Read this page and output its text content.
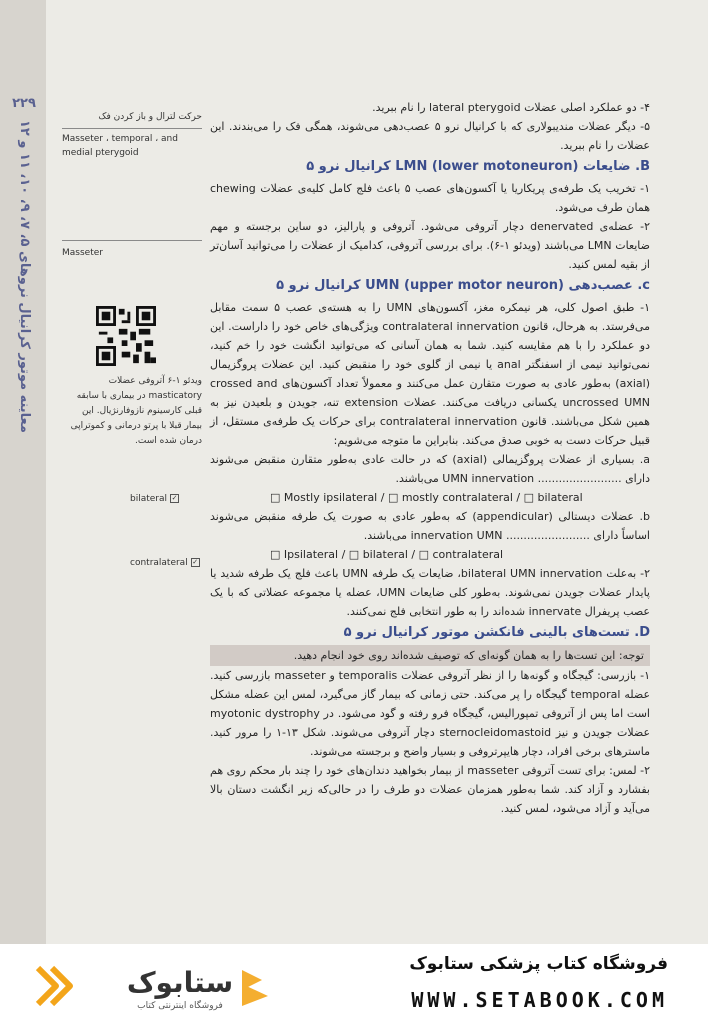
۲۲۹
معاینه موتور کرانیال نروهای ۵، ۷، ۹، ۱۰، ۱۱ و ۱۲
حرکت لترال و باز کردن فک
Masseter ، temporal ، and medial pterygoid
Masseter
ویدئو ۱-۶ آتروفی عضلات masticatory در بیماری با سابقه قبلی کارسینوم نازوفارنژیال. این بیمار قبلا با پرتو درمانی و کموتراپی درمان شده است.
bilateral ✓
contralateral ✓

۴- دو عملکرد اصلی عضلات lateral pterygoid را نام ببرید.

۵- دیگر عضلات مندیبولاری که با کرانیال نرو ۵ عصب‌دهی می‌شوند، همگی فک را می‌بندند. این عضلات را نام ببرید.

B. ضایعات LMN (lower motoneuron) کرانیال نرو ۵

۱- تخریب یک طرفه‌ی پریکاریا یا آکسون‌های عصب ۵ باعث فلج کامل کلیه‌ی عضلات chewing همان طرف می‌شود.

۲- عضله‌ی denervated دچار آتروفی می‌شود. آتروفی و پارالیز، دو ساین برجسته و مهم ضایعات LMN می‌باشند (ویدئو ۱-۶). برای بررسی آتروفی، کدامیک از عضلات را می‌توانید آسان‌تر از بقیه لمس کنید.

c. عصب‌دهی UMN (upper motor neuron) کرانیال نرو ۵

۱- طبق اصول کلی، هر نیمکره مغز، آکسون‌های UMN را به هسته‌ی عصب ۵ سمت مقابل می‌فرستد. به هرحال، قانون contralateral innervation ویژگی‌های خاص خود را داراست. این دو عملکرد را با هم مقایسه کنید. شما به همان آسانی که می‌توانید انگشت خود را خم کنید، نمی‌توانید نیمی از اسفنگتر anal یا نیمی از گلوی خود را منقبض کنید. این عضلات پروگزیمال (axial) به‌طور عادی به صورت متقارن عمل می‌کنند و معمولاً تعداد آکسون‌های crossed and uncrossed UMN یکسانی دریافت می‌کنند. عضلات extension تنه، جویدن و بلعیدن نیز به همین شکل می‌باشند. قانون contralateral innervation برای حرکات یک طرفه‌ی مستقل، از قبیل حرکات دست به خوبی صدق می‌کند. بنابراین ما متوجه می‌شویم:

a. بسیاری از عضلات پروگزیمالی (axial) که در حالت عادی به‌طور متقارن منقبض می‌شوند دارای ........................ UMN innervation می‌باشند.

□ Mostly ipsilateral / □ mostly contralateral / □ bilateral

b. عضلات دیستالی (appendicular) که به‌طور عادی به صورت یک طرفه منقبض می‌شوند اساساً دارای ........................ innervation UMN می‌باشند.

□ Ipsilateral / □ bilateral / □ contralateral

۲- به‌علت bilateral UMN innervation، ضایعات یک طرفه UMN باعث فلج یک طرفه شدید یا پایدار عضلات جویدن نمی‌شوند. به‌طور کلی ضایعات UMN، عضله یا مجموعه عضلاتی که با یک عصب پریفرال innervate شده‌اند را به طور انتخابی فلج نمی‌کنند.

D. تست‌های بالینی فانکشن موتور کرانیال نرو ۵

توجه: این تست‌ها را به همان گونه‌ای که توصیف شده‌اند روی خود انجام دهید.

۱- بازرسی: گیجگاه و گونه‌ها را از نظر آتروفی عضلات temporalis و masseter بازرسی کنید. عضله temporal گیجگاه را پر می‌کند. حتی زمانی که بیمار گاز می‌گیرد، لمس این عضله مشکل است اما پس از آتروفی تمپورالیس، گیجگاه فرو رفته و گود می‌شود. در myotonic dystrophy عضلات جویدن و نیز sternocleidomastoid دچار آتروفی می‌شوند. شکل ۱۳-۱ را مرور کنید. ماسترهای برخی افراد، دچار هایپرتروفی و بسیار واضح و برجسته می‌شوند.

۲- لمس: برای تست آتروفی masseter از بیمار بخواهید دندان‌های خود را چند بار محکم روی هم بفشارد و آزاد کند. شما به‌طور همزمان عضلات دو طرف را در حالی‌که زیر انگشت دستان بالا می‌آید و آزاد می‌شود، لمس کنید.

ستابوک
فروشگاه اینترنتی کتاب
فروشگاه کتاب پزشکی ستابوک
WWW.SETABOOK.COM
